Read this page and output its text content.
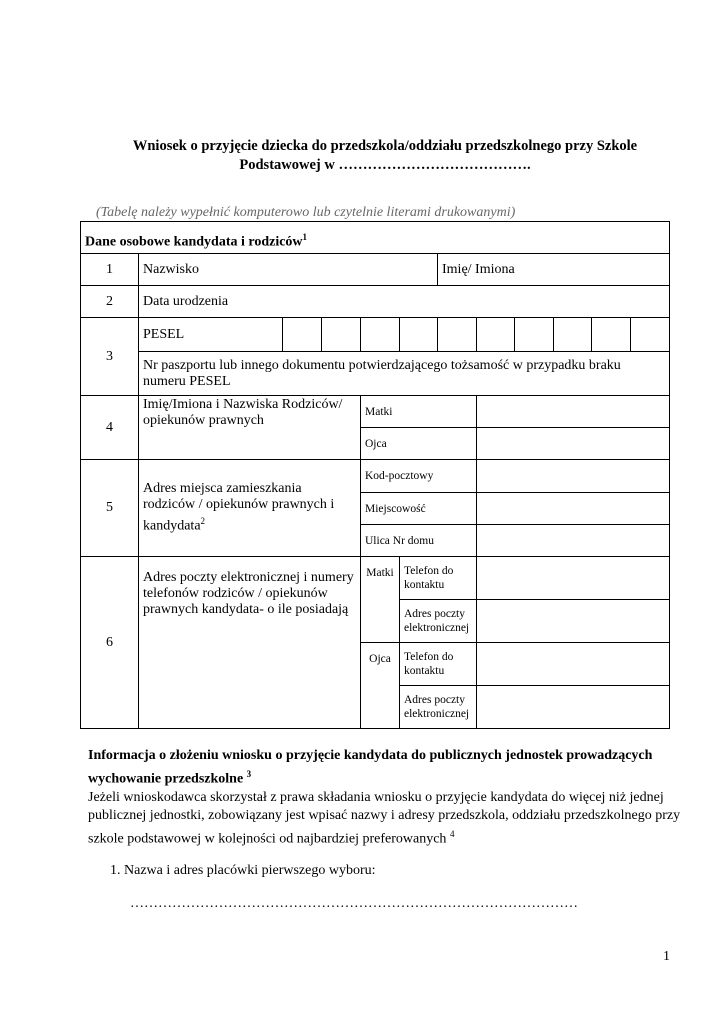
Wniosek o przyjęcie dziecka do przedszkola/oddziału przedszkolnego przy Szkole
Podstawowej w ………………………………….
(Tabelę należy wypełnić komputerowo lub czytelnie literami drukowanymi)
Dane osobowe kandydata i rodziców$^1$
1	Nazwisko					Imię/ Imiona					
2	Data urodzenia										
3	PESEL										
	Nr paszportu lub innego dokumentu potwierdzającego tożsamość w przypadku braku numeru PESEL										
4	Imię/Imiona i Nazwiska Rodziców/ opiekunów prawnych			Matki							
				Ojca							
5	Adres miejsca zamieszkania rodziców / opiekunów prawnych i kandydata$^2$			Kod-pocztowy							
				Miejscowość							
				Ulica Nr domu							
6	Adres poczty elektronicznej i numery telefonów rodziców / opiekunów prawnych kandydata- o ile posiadają			Matki	Telefon do kontaktu						
					Adres poczty elektronicznej						
				Ojca	Telefon do kontaktu						
					Adres poczty elektronicznej						
Informacja o złożeniu wniosku o przyjęcie kandydata do publicznych jednostek prowadzących wychowanie przedszkolne $^3$
Jeżeli wnioskodawca skorzystał z prawa składania wniosku o przyjęcie kandydata do więcej niż jednej publicznej jednostki, zobowiązany jest wpisać nazwy i adresy przedszkola, oddziału przedszkolnego przy szkole podstawowej w kolejności od najbardziej preferowanych $^4$
1. Nazwa i adres placówki pierwszego wyboru:
……………………………………………………………………………………
1
